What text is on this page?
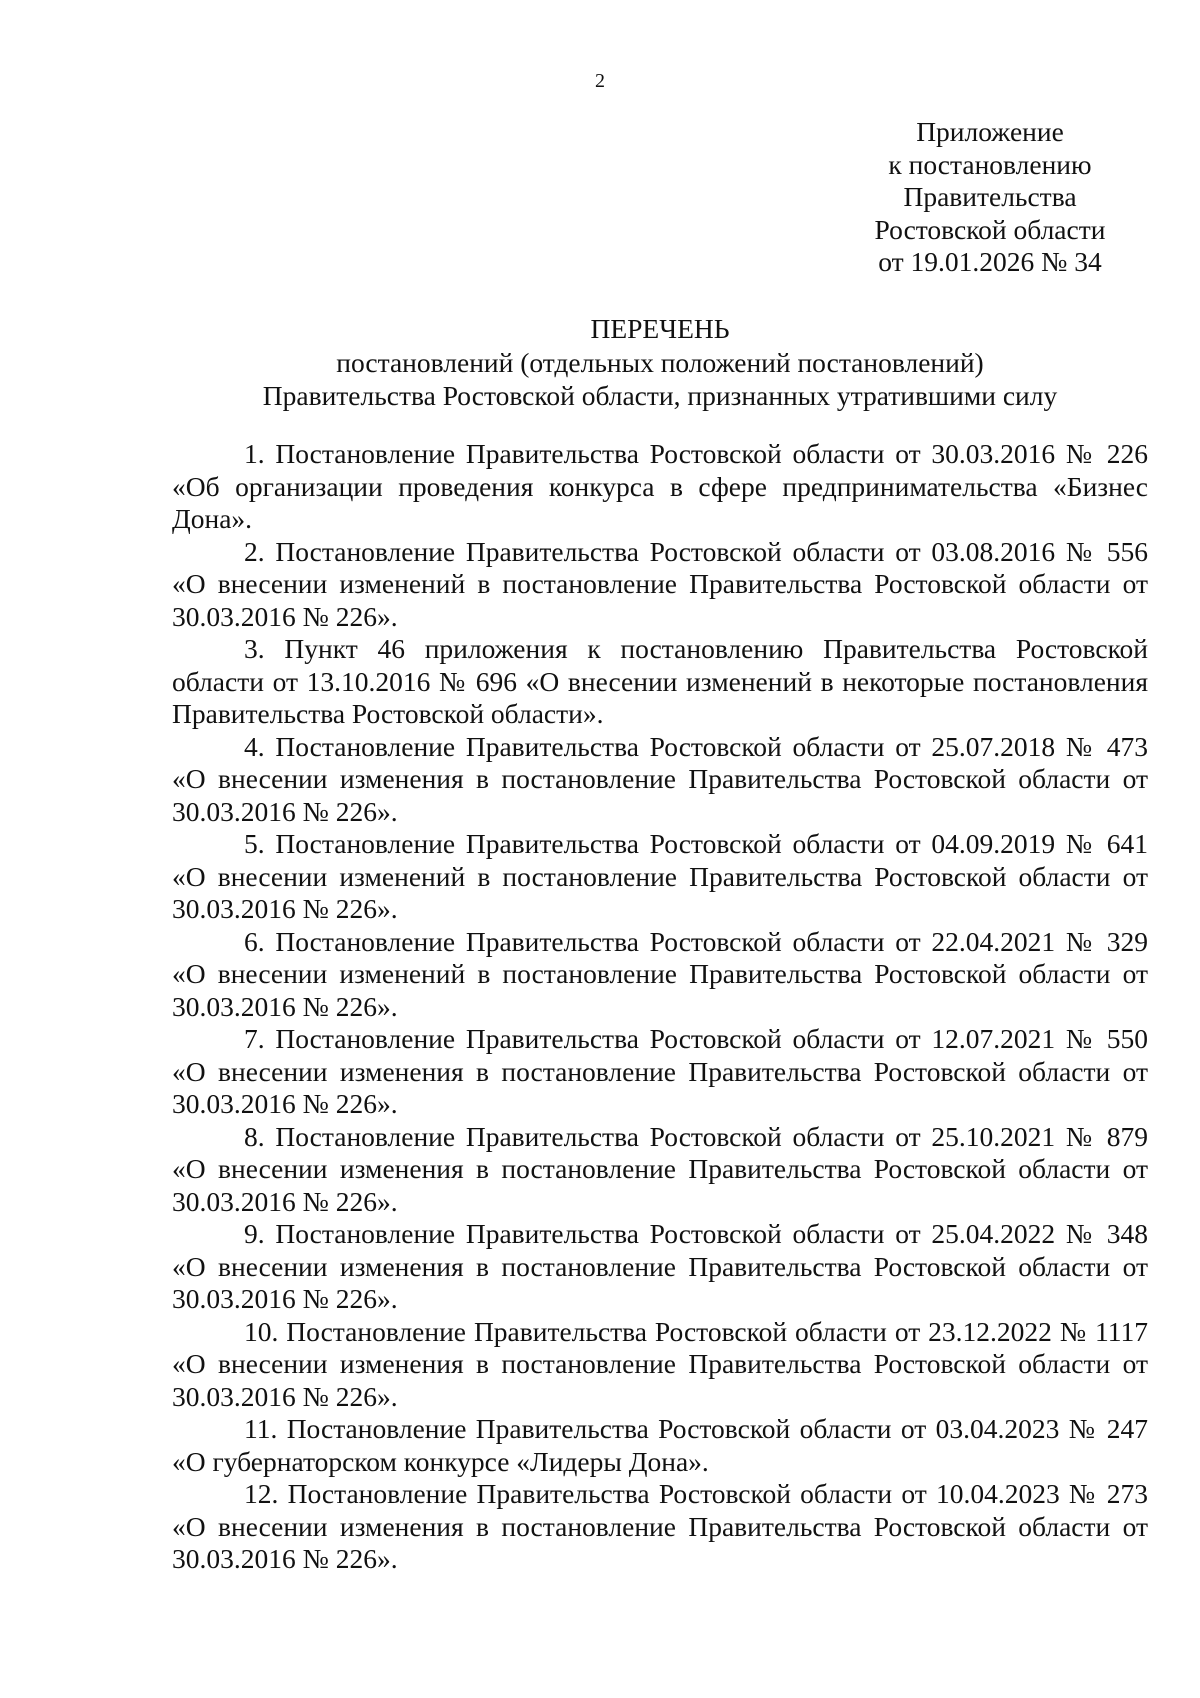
2
Приложение
к постановлению
Правительства
Ростовской области
от 19.01.2026 № 34
ПЕРЕЧЕНЬ
постановлений (отдельных положений постановлений)
Правительства Ростовской области, признанных утратившими силу

1. Постановление Правительства Ростовской области от 30.03.2016 № 226 «Об организации проведения конкурса в сфере предпринимательства «Бизнес Дона».

2. Постановление Правительства Ростовской области от 03.08.2016 № 556 «О внесении изменений в постановление Правительства Ростовской области от 30.03.2016 № 226».

3. Пункт 46 приложения к постановлению Правительства Ростовской области от 13.10.2016 № 696 «О внесении изменений в некоторые постановления Правительства Ростовской области».

4. Постановление Правительства Ростовской области от 25.07.2018 № 473 «О внесении изменения в постановление Правительства Ростовской области от 30.03.2016 № 226».

5. Постановление Правительства Ростовской области от 04.09.2019 № 641 «О внесении изменений в постановление Правительства Ростовской области от 30.03.2016 № 226».

6. Постановление Правительства Ростовской области от 22.04.2021 № 329 «О внесении изменений в постановление Правительства Ростовской области от 30.03.2016 № 226».

7. Постановление Правительства Ростовской области от 12.07.2021 № 550 «О внесении изменения в постановление Правительства Ростовской области от 30.03.2016 № 226».

8. Постановление Правительства Ростовской области от 25.10.2021 № 879 «О внесении изменения в постановление Правительства Ростовской области от 30.03.2016 № 226».

9. Постановление Правительства Ростовской области от 25.04.2022 № 348 «О внесении изменения в постановление Правительства Ростовской области от 30.03.2016 № 226».

10. Постановление Правительства Ростовской области от 23.12.2022 № 1117 «О внесении изменения в постановление Правительства Ростовской области от 30.03.2016 № 226».

11. Постановление Правительства Ростовской области от 03.04.2023 № 247 «О губернаторском конкурсе «Лидеры Дона».

12. Постановление Правительства Ростовской области от 10.04.2023 № 273 «О внесении изменения в постановление Правительства Ростовской области от 30.03.2016 № 226».
